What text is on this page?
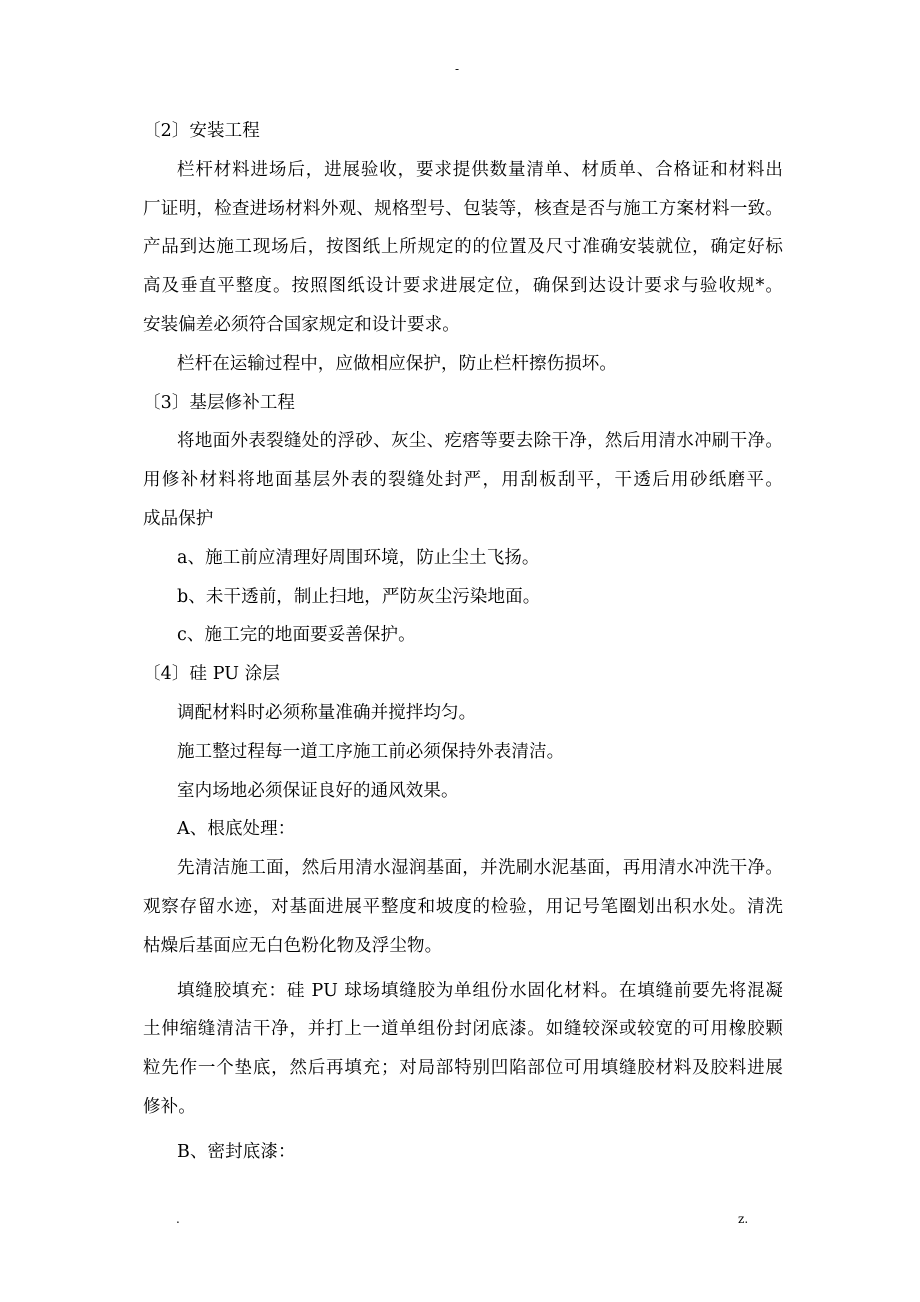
-
〔2〕安装工程
栏杆材料进场后，进展验收，要求提供数量清单、材质单、合格证和材料出
厂证明，检查进场材料外观、规格型号、包装等，核查是否与施工方案材料一致。
产品到达施工现场后，按图纸上所规定的的位置及尺寸准确安装就位，确定好标
高及垂直平整度。按照图纸设计要求进展定位，确保到达设计要求与验收规*。
安装偏差必须符合国家规定和设计要求。
栏杆在运输过程中，应做相应保护，防止栏杆擦伤损坏。
〔3〕基层修补工程
将地面外表裂缝处的浮砂、灰尘、疙瘩等要去除干净，然后用清水冲刷干净。
用修补材料将地面基层外表的裂缝处封严，用刮板刮平，干透后用砂纸磨平。
成品保护
a、施工前应清理好周围环境，防止尘土飞扬。
b、未干透前，制止扫地，严防灰尘污染地面。
c、施工完的地面要妥善保护。
〔4〕硅 PU 涂层
调配材料时必须称量准确并搅拌均匀。
施工整过程每一道工序施工前必须保持外表清洁。
室内场地必须保证良好的通风效果。
A、根底处理：
先清洁施工面，然后用清水湿润基面，并洗刷水泥基面，再用清水冲洗干净。
观察存留水迹，对基面进展平整度和坡度的检验，用记号笔圈划出积水处。清洗
枯燥后基面应无白色粉化物及浮尘物。
填缝胶填充：硅 PU 球场填缝胶为单组份水固化材料。在填缝前要先将混凝
土伸缩缝清洁干净，并打上一道单组份封闭底漆。如缝较深或较宽的可用橡胶颗
粒先作一个垫底，然后再填充；对局部特别凹陷部位可用填缝胶材料及胶料进展
修补。
B、密封底漆：
.	z.
